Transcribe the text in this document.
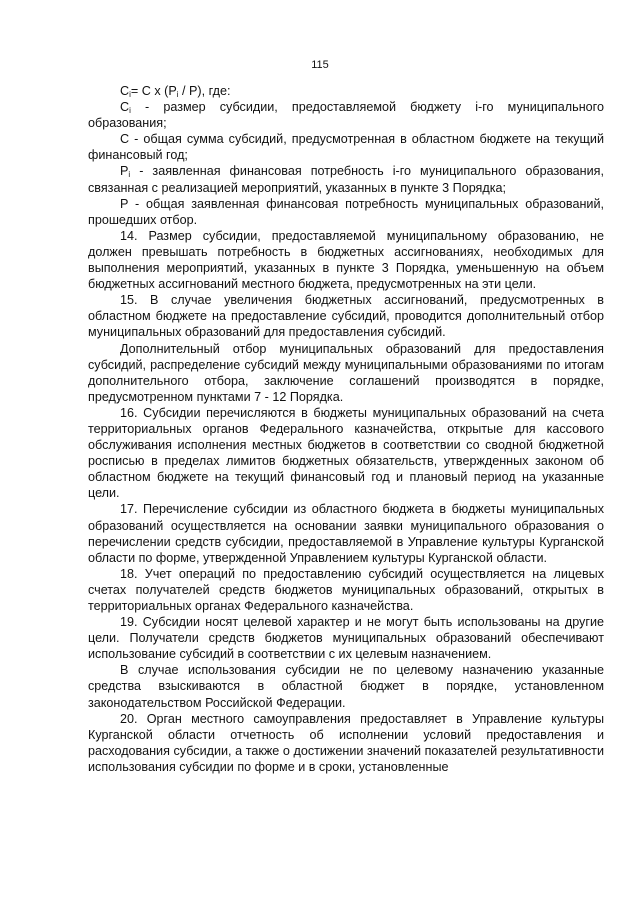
115

$C_i= C$ x $(P_i / P)$, где:

$C_i$ - размер субсидии, предоставляемой бюджету i-го муниципального образования;

C - общая сумма субсидий, предусмотренная в областном бюджете на текущий финансовый год;

$P_i$ - заявленная финансовая потребность i-го муниципального образования, связанная с реализацией мероприятий, указанных в пункте 3 Порядка;

P - общая заявленная финансовая потребность муниципальных образований, прошедших отбор.

14. Размер субсидии, предоставляемой муниципальному образованию, не должен превышать потребность в бюджетных ассигнованиях, необходимых для выполнения мероприятий, указанных в пункте 3 Порядка, уменьшенную на объем бюджетных ассигнований местного бюджета, предусмотренных на эти цели.

15. В случае увеличения бюджетных ассигнований, предусмотренных в областном бюджете на предоставление субсидий, проводится дополнительный отбор муниципальных образований для предоставления субсидий.

Дополнительный отбор муниципальных образований для предоставления субсидий, распределение субсидий между муниципальными образованиями по итогам дополнительного отбора, заключение соглашений производятся в порядке, предусмотренном пунктами 7 - 12 Порядка.

16. Субсидии перечисляются в бюджеты муниципальных образований на счета территориальных органов Федерального казначейства, открытые для кассового обслуживания исполнения местных бюджетов в соответствии со сводной бюджетной росписью в пределах лимитов бюджетных обязательств, утвержденных законом об областном бюджете на текущий финансовый год и плановый период на указанные цели.

17. Перечисление субсидии из областного бюджета в бюджеты муниципальных образований осуществляется на основании заявки муниципального образования о перечислении средств субсидии, предоставляемой в Управление культуры Курганской области по форме, утвержденной Управлением культуры Курганской области.

18. Учет операций по предоставлению субсидий осуществляется на лицевых счетах получателей средств бюджетов муниципальных образований, открытых в территориальных органах Федерального казначейства.

19. Субсидии носят целевой характер и не могут быть использованы на другие цели. Получатели средств бюджетов муниципальных образований обеспечивают использование субсидий в соответствии с их целевым назначением.

В случае использования субсидии не по целевому назначению указанные средства взыскиваются в областной бюджет в порядке, установленном законодательством Российской Федерации.

20. Орган местного самоуправления предоставляет в Управление культуры Курганской области отчетность об исполнении условий предоставления и расходования субсидии, а также о достижении значений показателей результативности использования субсидии по форме и в сроки, установленные
